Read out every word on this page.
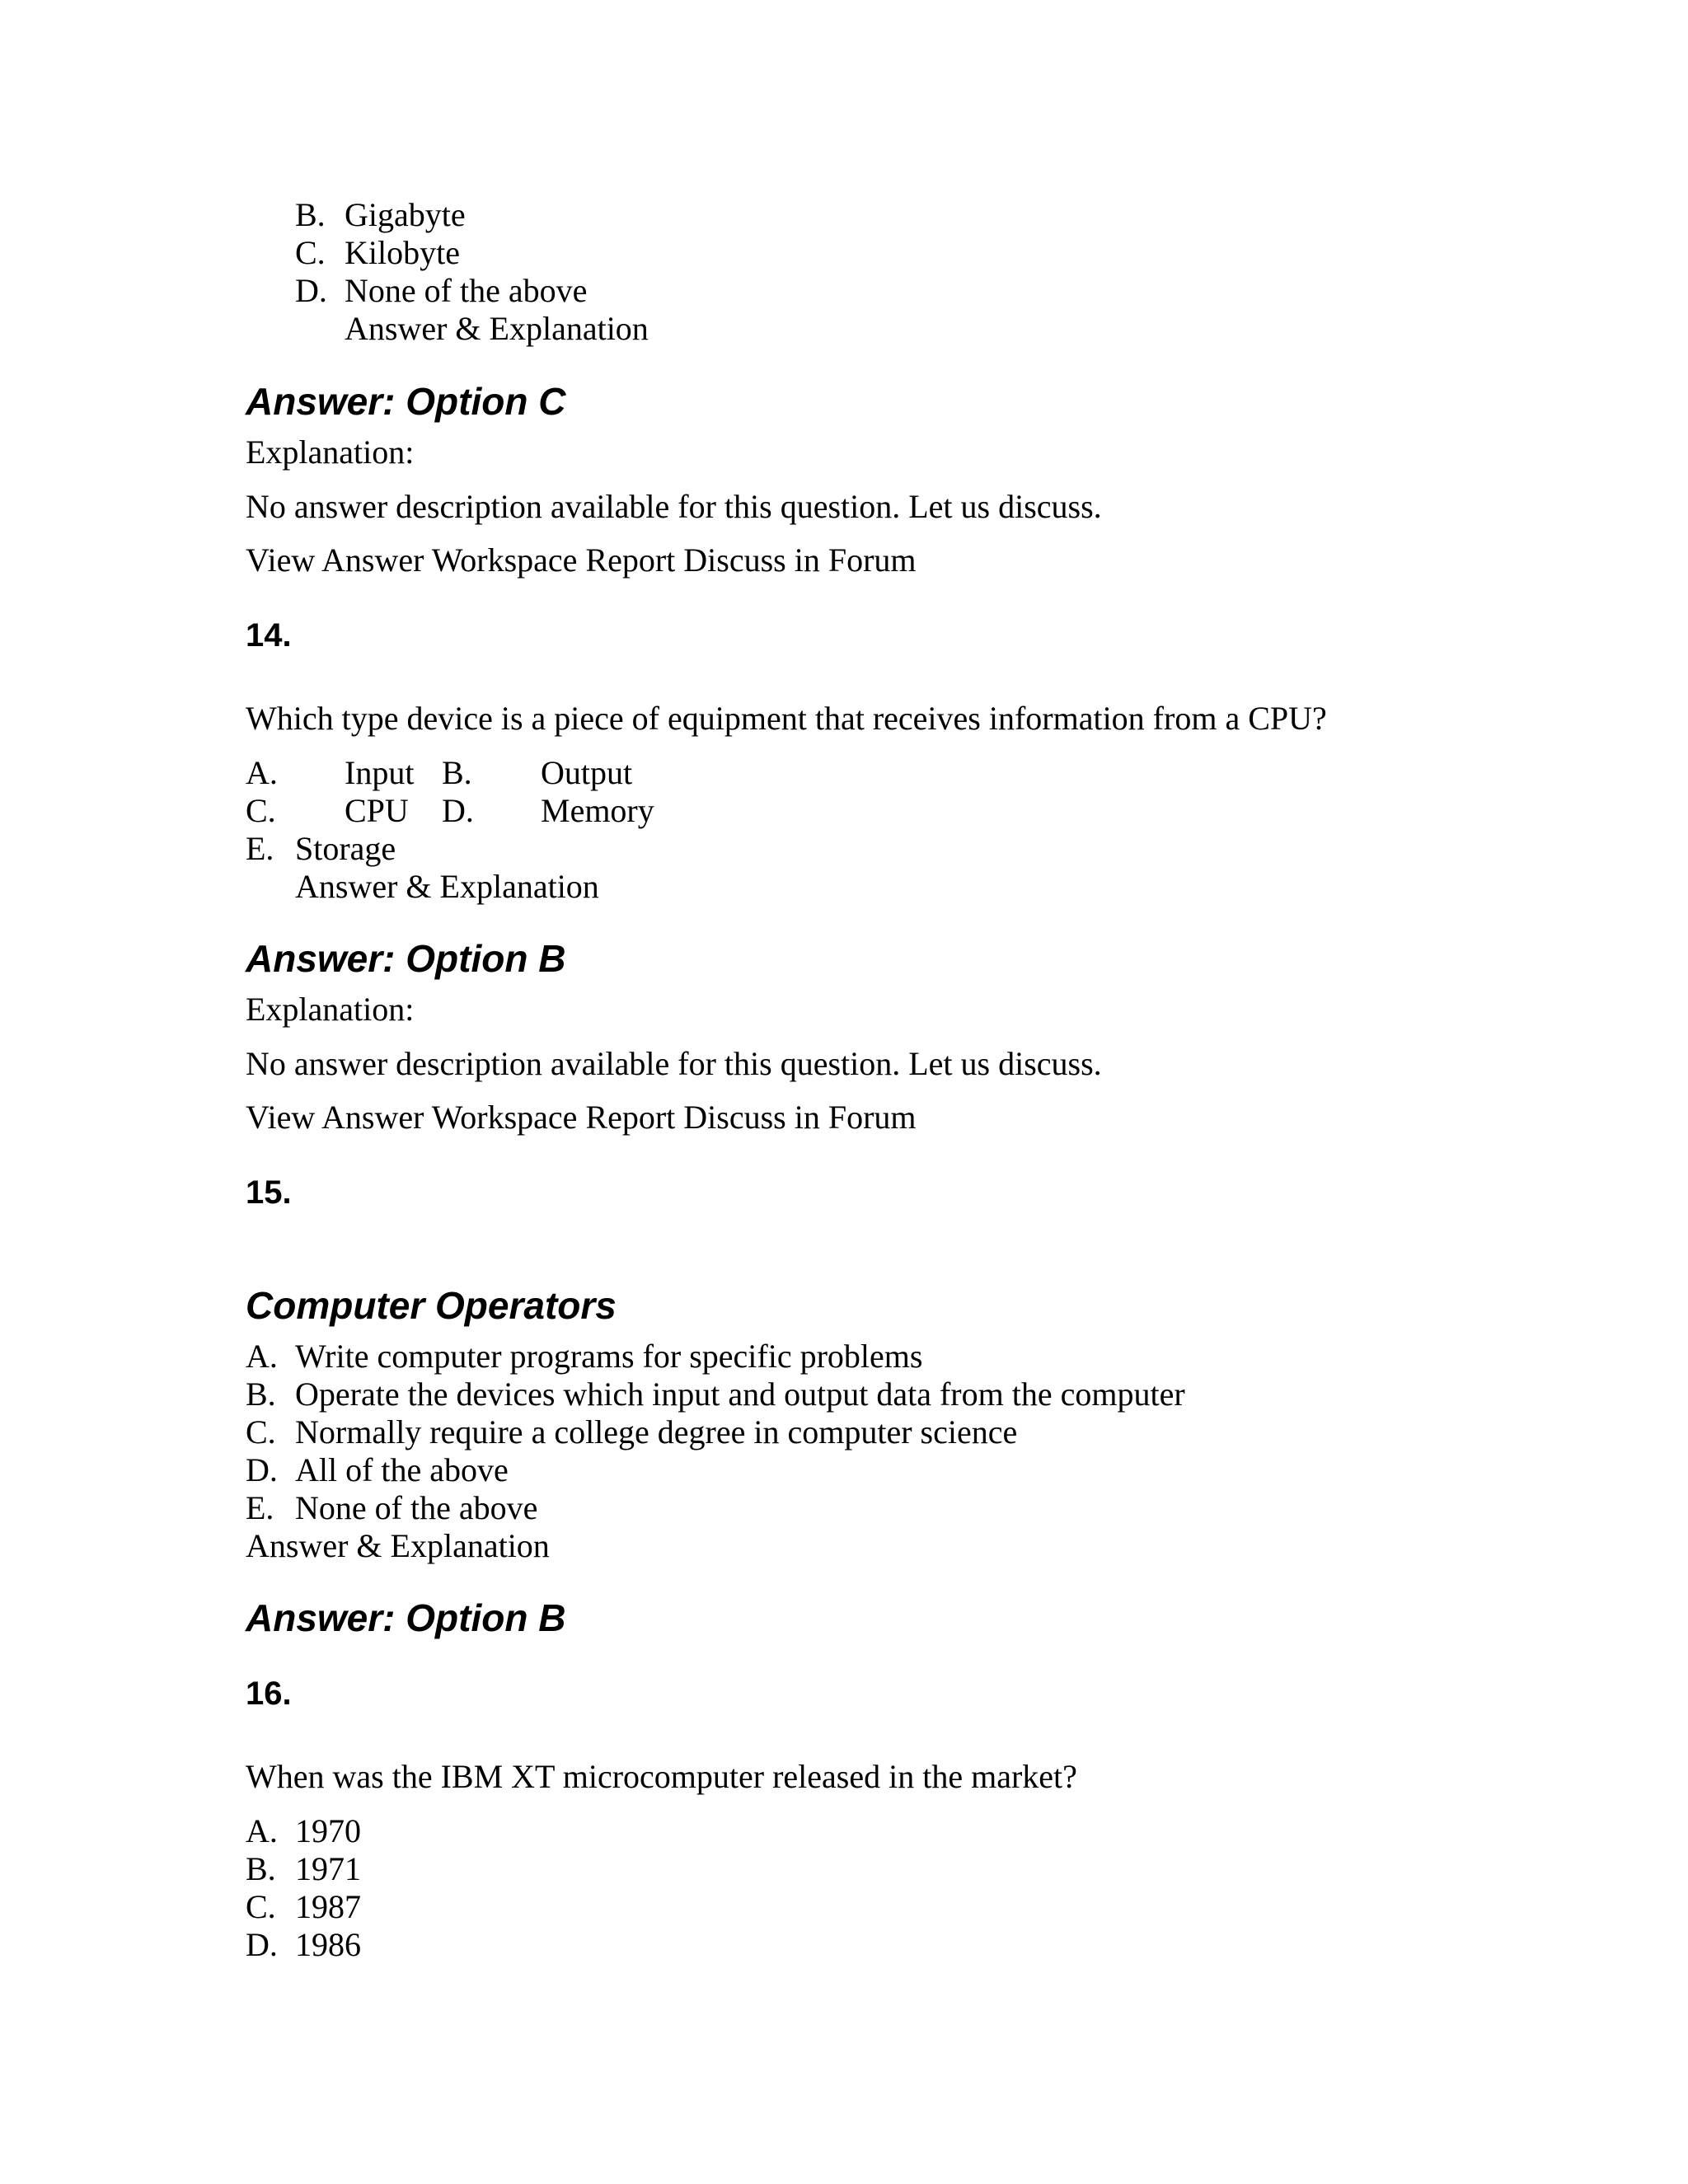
B. Gigabyte
C. Kilobyte
D. None of the above
Answer & Explanation
Answer: Option C
Explanation:
No answer description available for this question. Let us discuss.
View Answer Workspace Report Discuss in Forum
14.
Which type device is a piece of equipment that receives information from a CPU?
A. Input B. Output
C. CPU D. Memory
E. Storage
Answer & Explanation
Answer: Option B
Explanation:
No answer description available for this question. Let us discuss.
View Answer Workspace Report Discuss in Forum
15.
Computer Operators
A. Write computer programs for specific problems
B. Operate the devices which input and output data from the computer
C. Normally require a college degree in computer science
D. All of the above
E. None of the above
Answer & Explanation
Answer: Option B
16.
When was the IBM XT microcomputer released in the market?
A. 1970
B. 1971
C. 1987
D. 1986
